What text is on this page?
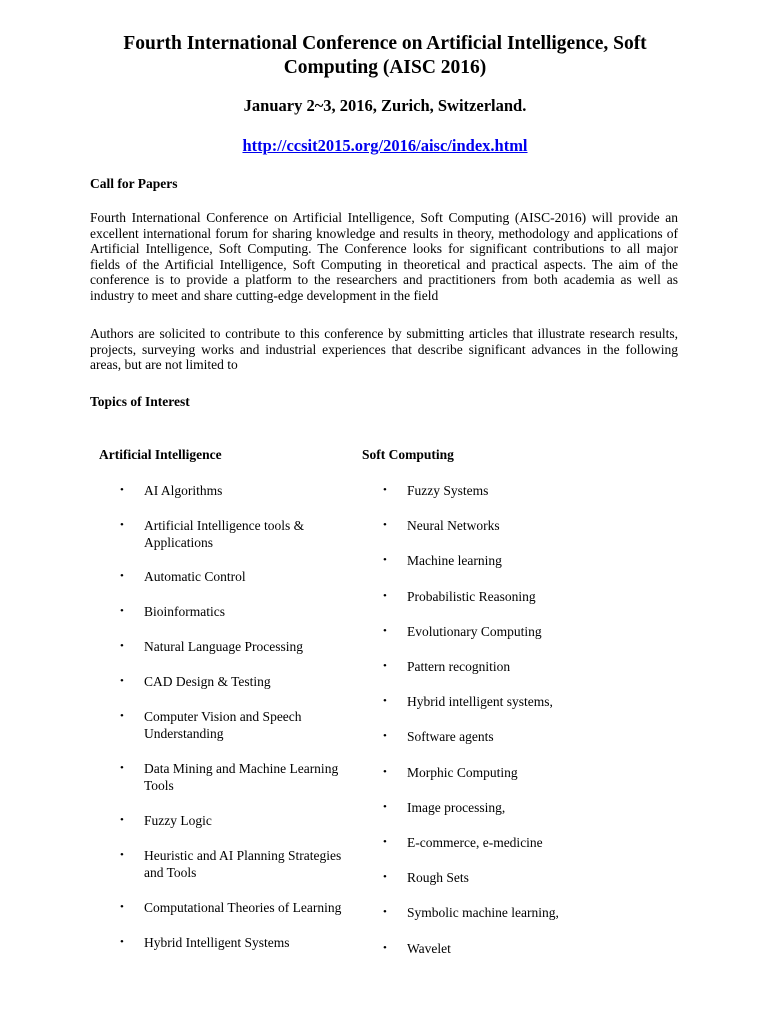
Fourth International Conference on Artificial Intelligence, Soft Computing (AISC 2016)

January 2~3, 2016, Zurich, Switzerland.

http://ccsit2015.org/2016/aisc/index.html

Call for Papers

Fourth International Conference on Artificial Intelligence, Soft Computing (AISC-2016) will provide an excellent international forum for sharing knowledge and results in theory, methodology and applications of Artificial Intelligence, Soft Computing. The Conference looks for significant contributions to all major fields of the Artificial Intelligence, Soft Computing in theoretical and practical aspects. The aim of the conference is to provide a platform to the researchers and practitioners from both academia as well as industry to meet and share cutting-edge development in the field

Authors are solicited to contribute to this conference by submitting articles that illustrate research results, projects, surveying works and industrial experiences that describe significant advances in the following areas, but are not limited to

Topics of Interest

Artificial Intelligence	Soft Computing

• AI Algorithms
• Artificial Intelligence tools & Applications
• Automatic Control
• Bioinformatics
• Natural Language Processing
• CAD Design & Testing
• Computer Vision and Speech Understanding
• Data Mining and Machine Learning Tools
• Fuzzy Logic
• Heuristic and AI Planning Strategies and Tools
• Computational Theories of Learning
• Hybrid Intelligent Systems
• Fuzzy Systems
• Neural Networks
• Machine learning
• Probabilistic Reasoning
• Evolutionary Computing
• Pattern recognition
• Hybrid intelligent systems,
• Software agents
• Morphic Computing
• Image processing,
• E-commerce, e-medicine
• Rough Sets
• Symbolic machine learning,
• Wavelet
